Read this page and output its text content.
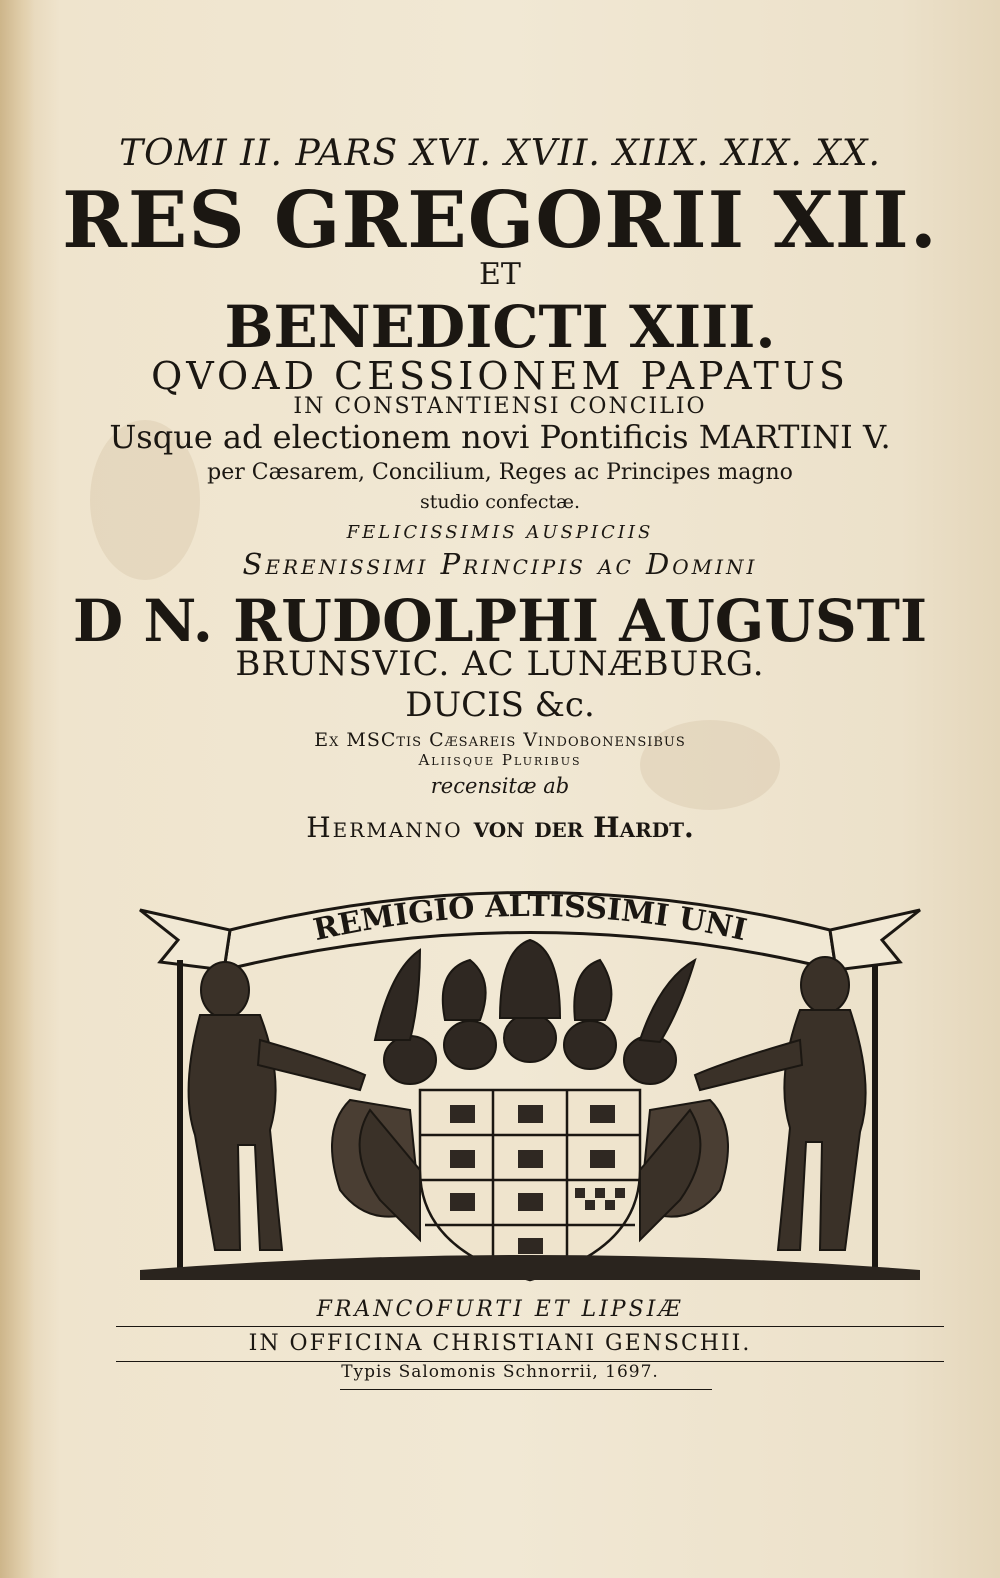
TOMI II. PARS XVI. XVII. XIIX. XIX. XX.
RES GREGORII XII.
ET
BENEDICTI XIII.
QVOAD CESSIONEM PAPATUS
IN CONSTANTIENSI CONCILIO
Usque ad electionem novi Pontificis MARTINI V.
per Cæsarem, Concilium, Reges ac Principes magno
studio confectæ.
FELICISSIMIS AUSPICIIS
Serenissimi Principis ac Domini
D N. RUDOLPHI AUGUSTI
BRUNSVIC. AC LUNÆBURG.
DUCIS &c.
Ex MSCtis Cæsareis Vindobonensibus
Aliisque Pluribus
recensitæ ab
Hermanno von der Hardt.
REMIGIO ALTISSIMI UNI
FRANCOFURTI ET LIPSIÆ
IN OFFICINA CHRISTIANI GENSCHII.
Typis Salomonis Schnorrii, 1697.
